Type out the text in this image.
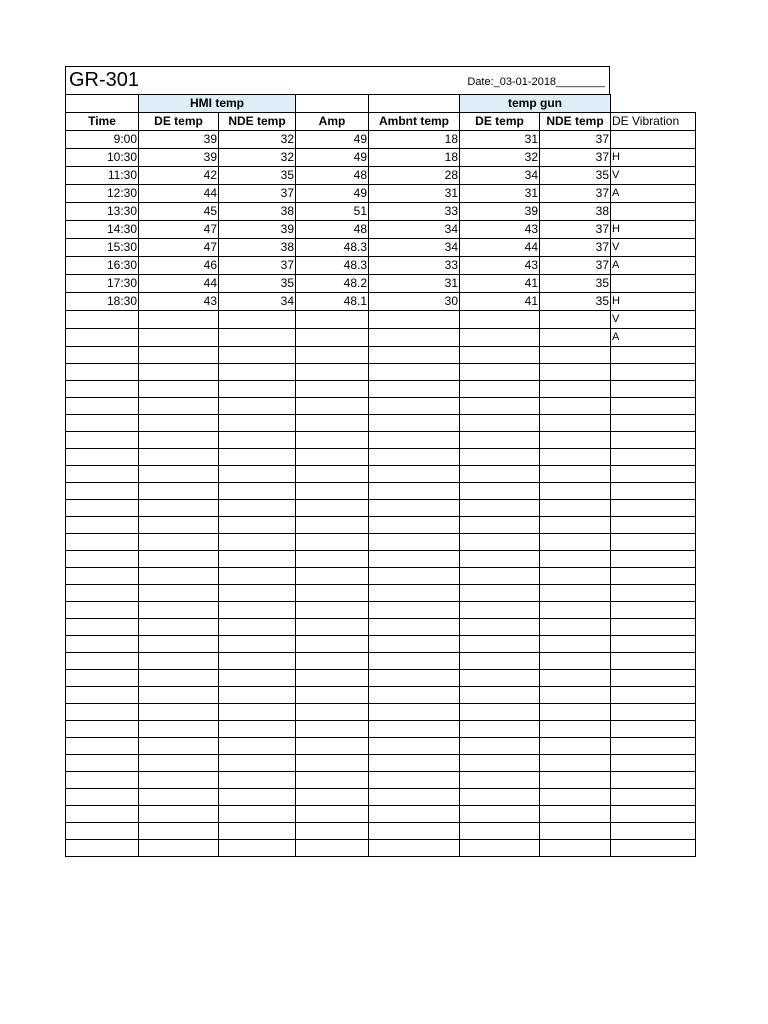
GR-301	Date:_03-01-2018________
	HMI temp				temp gun		
Time	DE temp	NDE temp	Amp	Ambnt temp	DE temp	NDE temp	DE Vibration
9:00	39	32	49	18	31	37	
10:30	39	32	49	18	32	37	H
11:30	42	35	48	28	34	35	V
12:30	44	37	49	31	31	37	A
13:30	45	38	51	33	39	38	
14:30	47	39	48	34	43	37	H
15:30	47	38	48.3	34	44	37	V
16:30	46	37	48.3	33	43	37	A
17:30	44	35	48.2	31	41	35	
18:30	43	34	48.1	30	41	35	H
							V
							A
